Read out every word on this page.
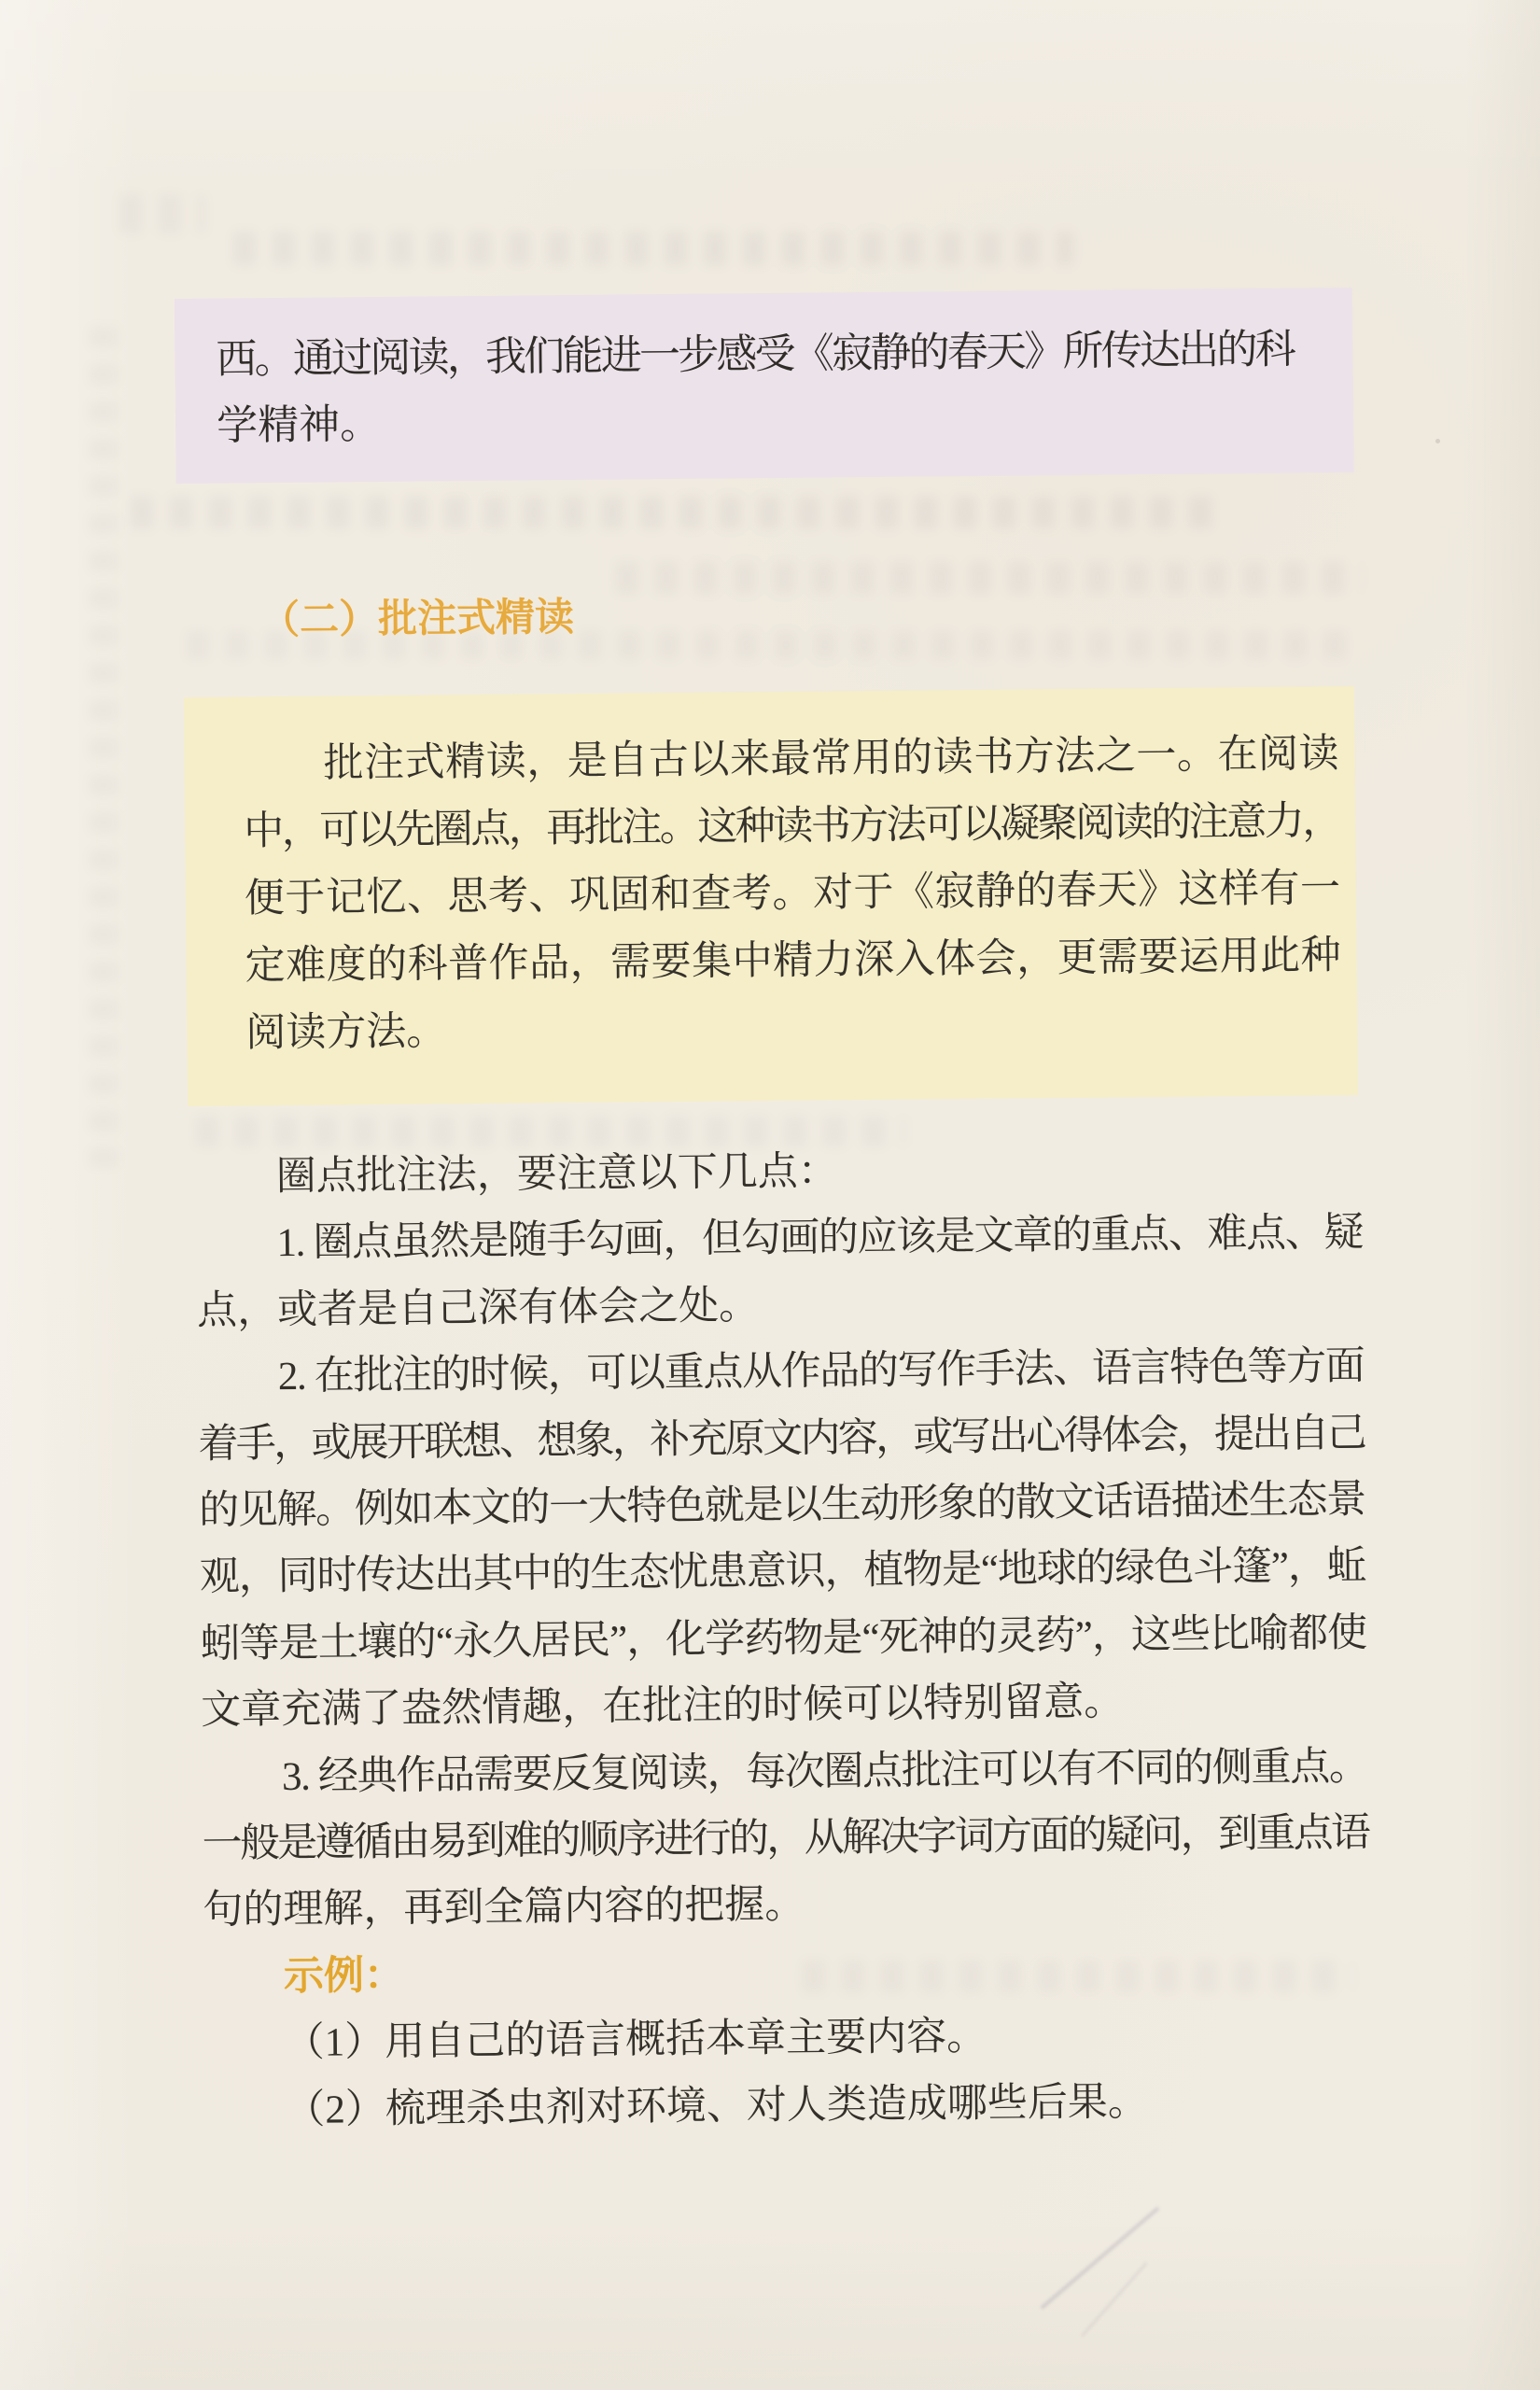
西。通过阅读，我们能进一步感受《寂静的春天》所传达出的科
学精神。
（二）批注式精读
批注式精读，是自古以来最常用的读书方法之一。在阅读
中，可以先圈点，再批注。这种读书方法可以凝聚阅读的注意力，
便于记忆、思考、巩固和查考。对于《寂静的春天》这样有一
定难度的科普作品，需要集中精力深入体会，更需要运用此种
阅读方法。
圈点批注法，要注意以下几点：
1. 圈点虽然是随手勾画，但勾画的应该是文章的重点、难点、疑
点，或者是自己深有体会之处。
2. 在批注的时候，可以重点从作品的写作手法、语言特色等方面
着手，或展开联想、想象，补充原文内容，或写出心得体会，提出自己
的见解。例如本文的一大特色就是以生动形象的散文话语描述生态景
观，同时传达出其中的生态忧患意识，植物是“地球的绿色斗篷”，蚯
蚓等是土壤的“永久居民”，化学药物是“死神的灵药”，这些比喻都使
文章充满了盎然情趣，在批注的时候可以特别留意。
3. 经典作品需要反复阅读，每次圈点批注可以有不同的侧重点。
一般是遵循由易到难的顺序进行的，从解决字词方面的疑问，到重点语
句的理解，再到全篇内容的把握。
示例：
（1）用自己的语言概括本章主要内容。
（2）梳理杀虫剂对环境、对人类造成哪些后果。
